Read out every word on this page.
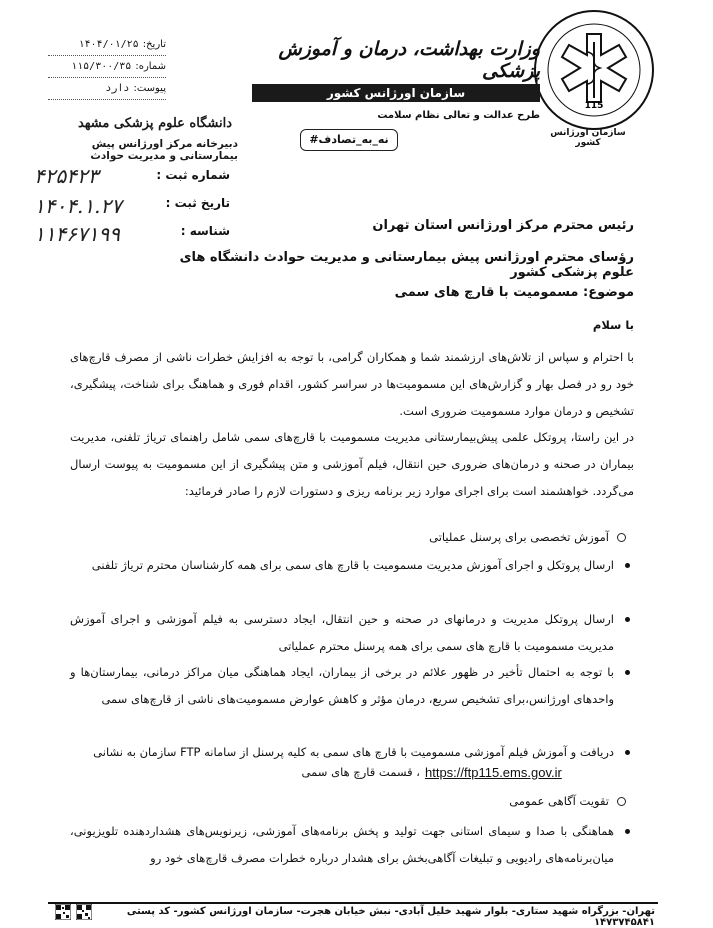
115
سازمان اورژانس کشور
وزارت بهداشت، درمان و آموزش پزشکی
سازمان اورژانس کشور
طرح عدالت و تعالی نظام سلامت
#نه_به_تصادف
تاریخ:
۱۴۰۴/۰۱/۲۵
شماره:
۱۱۵/۳۰۰/۳۵
پیوست:
دارد
دانشگاه علوم پزشکی مشهد
دبیرخانه مرکز اورژانس پیش بیمارستانی و مدیریت حوادث
شماره ثبت :
تاریخ ثبت :
شناسه :
۴۲۵۴۲۳
۱۴۰۴.۱.۲۷
۱۱۴۶۷۱۹۹	رئیس محترم مرکز اورژانس استان تهران
رؤسای محترم اورژانس پیش بیمارستانی و مدیریت حوادث دانشگاه های علوم پزشکی کشور
موضوع: مسمومیت با قارچ های سمی
با سلام
با احترام و سپاس از تلاش‌های ارزشمند شما و همکاران گرامی، با توجه به افزایش خطرات ناشی از مصرف قارچ‌های خود رو در فصل بهار و گزارش‌های این مسمومیت‌ها در سراسر کشور، اقدام فوری و هماهنگ برای شناخت، پیشگیری، تشخیص و درمان موارد مسمومیت ضروری است.
در این راستا، پروتکل علمی پیش‌بیمارستانی مدیریت مسمومیت با قارچ‌های سمی شامل راهنمای تریاژ تلفنی، مدیریت بیماران در صحنه و درمان‌های ضروری حین انتقال، فیلم آموزشی و متن پیشگیری از این مسمومیت به پیوست ارسال می‌گردد. خواهشمند است برای اجرای موارد زیر برنامه ریزی و دستورات لازم را صادر فرمائید:
آموزش تخصصی برای پرسنل عملیاتی
ارسال پروتکل و اجرای آموزش مدیریت مسمومیت با قارچ های سمی برای همه کارشناسان محترم تریاژ تلفنی
ارسال پروتکل مدیریت و درمانهای در صحنه و حین انتقال، ایجاد دسترسی به فیلم آموزشی و اجرای آموزش مدیریت مسمومیت با قارچ های سمی برای همه پرسنل محترم عملیاتی
با توجه به احتمال تأخیر در ظهور علائم در برخی از بیماران، ایجاد هماهنگی میان مراکز درمانی، بیمارستان‌ها و واحدهای اورژانس،برای تشخیص سریع، درمان مؤثر و کاهش عوارض مسمومیت‌های ناشی از قارچ‌های سمی
دریافت و آموزش فیلم آموزشی مسمومیت با قارچ های سمی به کلیه پرسنل از سامانه FTP سازمان به نشانی
، قسمت قارچ های سمی https://ftp115.ems.gov.ir
تقویت آگاهی عمومی
هماهنگی با صدا و سیمای استانی جهت تولید و پخش برنامه‌های آموزشی، زیرنویس‌های هشداردهنده تلویزیونی، میان‌برنامه‌های رادیویی و تبلیغات آگاهی‌بخش برای هشدار درباره خطرات مصرف قارچ‌های خود رو
تهران- بزرگراه شهید ستاری- بلوار شهید خلیل آبادی- نبش خیابان هجرت- سازمان اورژانس کشور- کد پستی ۱۴۷۳۷۴۵۸۴۱
